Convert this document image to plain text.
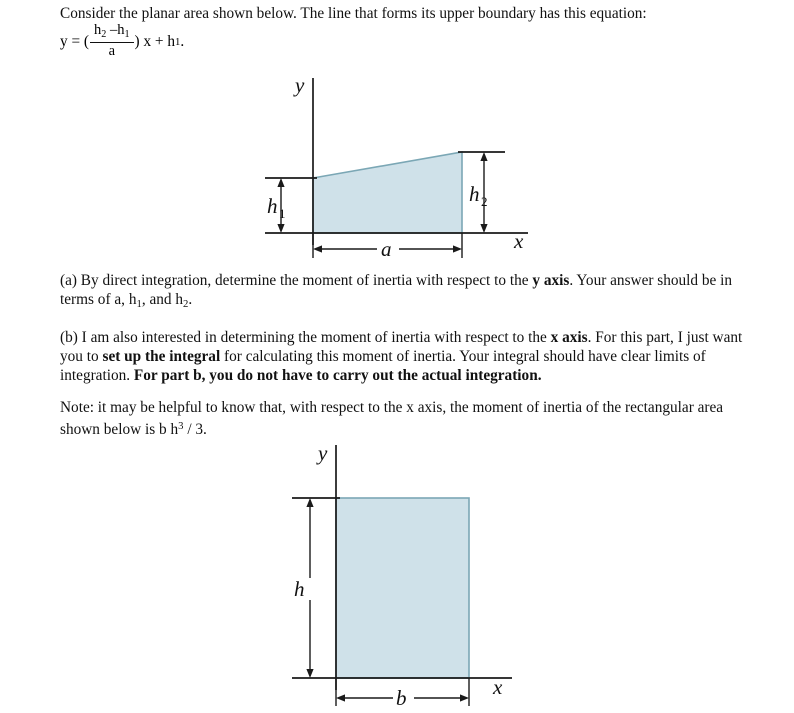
Consider the planar area shown below. The line that forms its upper boundary has this equation:
y = ( $\frac{h_2 -h_1}{a}$ ) x + h 1 .
h 1
h 2
a
y
x
(a) By direct integration, determine the moment of inertia with respect to the y axis. Your answer should be in terms of a, $h_1$, and $h_2$.
(b) I am also interested in determining the moment of inertia with respect to the x axis. For this part, I just want you to set up the integral for calculating this moment of inertia. Your integral should have clear limits of integration. For part b, you do not have to carry out the actual integration.
Note: it may be helpful to know that, with respect to the x axis, the moment of inertia of the rectangular area shown below is b $h^3 / 3$.
h
b
y
x
